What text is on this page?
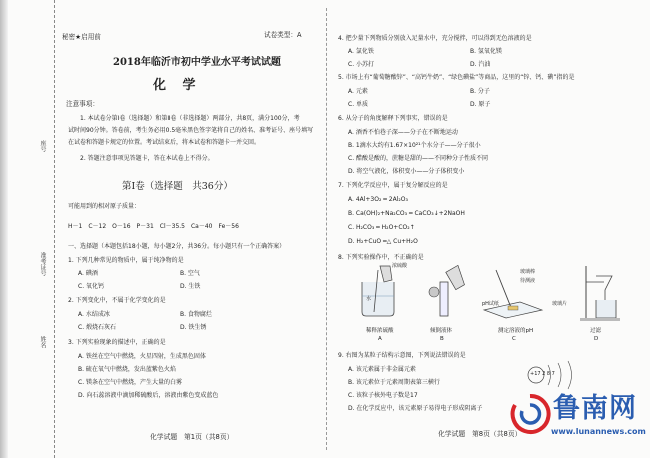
座号
准考证号
姓名
秘密★启用前	试卷类型：A
2018年临沂市初中学业水平考试试题
化 学
注意事项：
1. 本试卷分第Ⅰ卷（选择题）和第Ⅱ卷（非选择题）两部分，共8页，满分100分，考
试时间90分钟。答卷前，考生务必用0.5毫米黑色签字笔将自己的姓名、准考证号、座号填写
在试卷和答题卡规定的位置。考试结束后，将本试卷和答题卡一并交回。
2. 答题注意事项见答题卡，答在本试卷上不得分。
第Ⅰ卷（选择题　共36分）
可能用到的相对原子质量：
H－1　C－12　O－16　P－31　Cl－35.5　Ca－40　Fe－56
一、选择题（本题包括18小题，每小题2分，共36分。每小题只有一个正确答案）
1. 下列几种常见的物质中，属于纯净物的是
A. 碘酒	B. 空气
C. 氧化钙	D. 生铁
2. 下列变化中，不属于化学变化的是
A. 水结成冰	B. 食物腐烂
C. 煅烧石灰石	D. 铁生锈
3. 下列实验现象的描述中，正确的是
A. 铁丝在空气中燃烧，火星四射，生成黑色固体
B. 硫在氧气中燃烧，发出蓝紫色火焰
C. 镁条在空气中燃烧，产生大量的白雾
D. 向石蕊溶液中滴加稀硫酸后，溶液由紫色变成蓝色
化学试题　第1页（共8页）
4. 把少量下列物质分别放入足量水中，充分搅拌，可以得到无色溶液的是
A. 氯化铁	B. 氢氧化镁
C. 小苏打	D. 汽油
5. 市场上有“葡萄糖酸锌”、“高钙牛奶”、“绿色碘盐”等商品，这里的“锌、钙、碘”指的是
A. 元素	B. 分子
C. 单质	D. 原子
6. 从分子的角度解释下列事实，错误的是
A. 酒香不怕巷子深——分子在不断地运动
B. 1滴水大约有1.67×10²¹个水分子——分子很小
C. 醋酸是酸的，蔗糖是甜的——不同种分子性质不同
D. 将空气液化，体积变小——分子体积变小
7. 下列化学反应中，属于复分解反应的是
A. 4Al+3O₂ ═ 2Al₂O₃
B. Ca(OH)₂+Na₂CO₃ ═ CaCO₃↓+2NaOH
C. H₂CO₃ ═ H₂O+CO₂↑
D. H₂+CuO ═△ Cu+H₂O
8. 下列实验操作中，不正确的是
浓硫酸
水
玻璃棒
待测液
pH试纸	玻璃片
稀释浓硫酸	倾倒液体	测定溶液的pH	过滤
A	B	C	D
9. 右图为某粒子结构示意图，下列说法错误的是
A. 该元素属于非金属元素
B. 该元素位于元素周期表第三横行
C. 该粒子核外电子数是17
D. 在化学反应中，该元素原子易得电子形成阴离子
+17 2 8 7
化学试题　第8页（共8页）
鲁南网
www.lunannews.com
